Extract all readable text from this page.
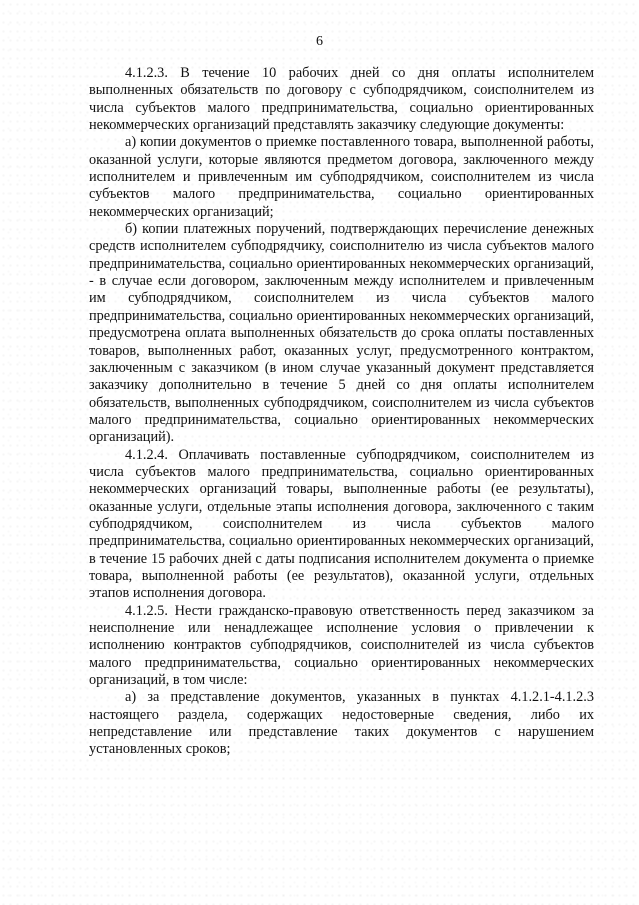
6

4.1.2.3. В течение 10 рабочих дней со дня оплаты исполнителем выполненных обязательств по договору с субподрядчиком, соисполнителем из числа субъектов малого предпринимательства, социально ориентированных некоммерческих организаций представлять заказчику следующие документы:

а) копии документов о приемке поставленного товара, выполненной работы, оказанной услуги, которые являются предметом договора, заключенного между исполнителем и привлеченным им субподрядчиком, соисполнителем из числа субъектов малого предпринимательства, социально ориентированных некоммерческих организаций;

б) копии платежных поручений, подтверждающих перечисление денежных средств исполнителем субподрядчику, соисполнителю из числа субъектов малого предпринимательства, социально ориентированных некоммерческих организаций, - в случае если договором, заключенным между исполнителем и привлеченным им субподрядчиком, соисполнителем из числа субъектов малого предпринимательства, социально ориентированных некоммерческих организаций, предусмотрена оплата выполненных обязательств до срока оплаты поставленных товаров, выполненных работ, оказанных услуг, предусмотренного контрактом, заключенным с заказчиком (в ином случае указанный документ представляется заказчику дополнительно в течение 5 дней со дня оплаты исполнителем обязательств, выполненных субподрядчиком, соисполнителем из числа субъектов малого предпринимательства, социально ориентированных некоммерческих организаций).

4.1.2.4. Оплачивать поставленные субподрядчиком, соисполнителем из числа субъектов малого предпринимательства, социально ориентированных некоммерческих организаций товары, выполненные работы (ее результаты), оказанные услуги, отдельные этапы исполнения договора, заключенного с таким субподрядчиком, соисполнителем из числа субъектов малого предпринимательства, социально ориентированных некоммерческих организаций, в течение 15 рабочих дней с даты подписания исполнителем документа о приемке товара, выполненной работы (ее результатов), оказанной услуги, отдельных этапов исполнения договора.

4.1.2.5. Нести гражданско-правовую ответственность перед заказчиком за неисполнение или ненадлежащее исполнение условия о привлечении к исполнению контрактов субподрядчиков, соисполнителей из числа субъектов малого предпринимательства, социально ориентированных некоммерческих организаций, в том числе:

а) за представление документов, указанных в пунктах 4.1.2.1-4.1.2.3 настоящего раздела, содержащих недостоверные сведения, либо их непредставление или представление таких документов с нарушением установленных сроков;
